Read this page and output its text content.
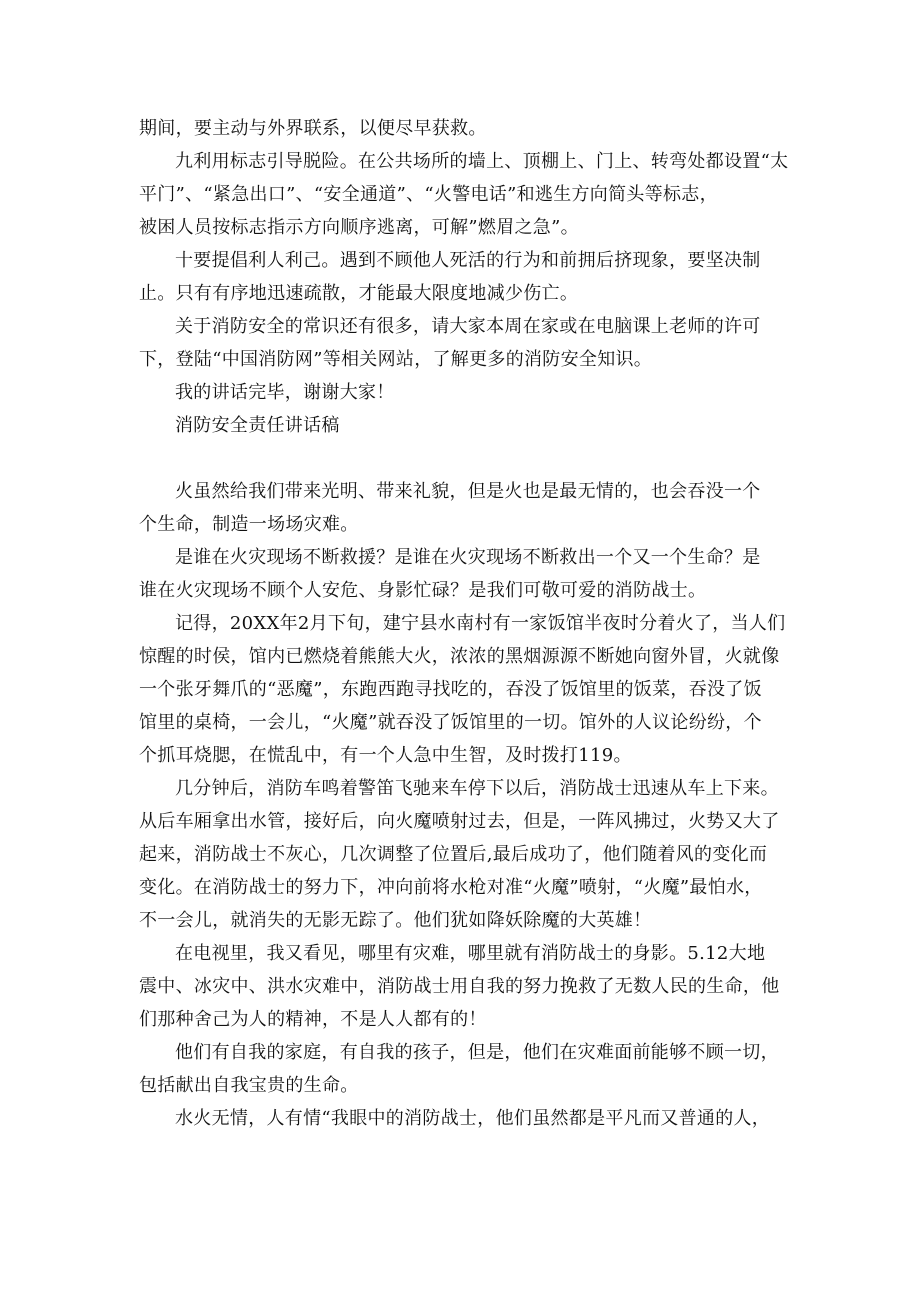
期间，要主动与外界联系，以便尽早获救。
九利用标志引导脱险。在公共场所的墙上、顶棚上、门上、转弯处都设置“太
平门”、“紧急出口”、“安全通道”、“火警电话”和逃生方向简头等标志，
被困人员按标志指示方向顺序逃离，可解”燃眉之急”。
十要提倡利人利己。遇到不顾他人死活的行为和前拥后挤现象，要坚决制
止。只有有序地迅速疏散，才能最大限度地减少伤亡。
关于消防安全的常识还有很多，请大家本周在家或在电脑课上老师的许可
下，登陆“中国消防网”等相关网站，了解更多的消防安全知识。
我的讲话完毕，谢谢大家！
消防安全责任讲话稿
火虽然给我们带来光明、带来礼貌，但是火也是最无情的，也会吞没一个
个生命，制造一场场灾难。
是谁在火灾现场不断救援？是谁在火灾现场不断救出一个又一个生命？是
谁在火灾现场不顾个人安危、身影忙碌？是我们可敬可爱的消防战士。
记得，20XX年2月下旬，建宁县水南村有一家饭馆半夜时分着火了，当人们
惊醒的时侯，馆内已燃烧着熊熊大火，浓浓的黑烟源源不断她向窗外冒，火就像
一个张牙舞爪的“恶魔”，东跑西跑寻找吃的，吞没了饭馆里的饭菜，吞没了饭
馆里的桌椅，一会儿，“火魔”就吞没了饭馆里的一切。馆外的人议论纷纷，个
个抓耳烧腮，在慌乱中，有一个人急中生智，及时拨打119。
几分钟后，消防车鸣着警笛飞驰来车停下以后，消防战士迅速从车上下来。
从后车厢拿出水管，接好后，向火魔喷射过去，但是，一阵风拂过，火势又大了
起来，消防战士不灰心，几次调整了位置后,最后成功了，他们随着风的变化而
变化。在消防战士的努力下，冲向前将水枪对准“火魔”喷射，“火魔”最怕水，
不一会儿，就消失的无影无踪了。他们犹如降妖除魔的大英雄！
在电视里，我又看见，哪里有灾难，哪里就有消防战士的身影。5.12大地
震中、冰灾中、洪水灾难中，消防战士用自我的努力挽救了无数人民的生命，他
们那种舍己为人的精神，不是人人都有的！
他们有自我的家庭，有自我的孩子，但是，他们在灾难面前能够不顾一切，
包括献出自我宝贵的生命。
水火无情，人有情“我眼中的消防战士，他们虽然都是平凡而又普通的人，
